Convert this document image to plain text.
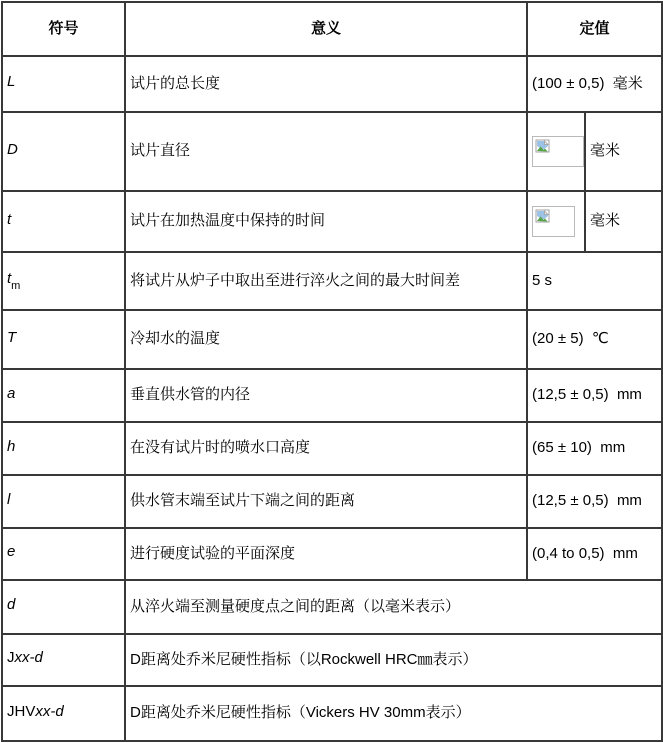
符号	意义	定值	
L	试片的总长度	(100 ± 0,5)  毫米	
D	试片直径		毫米
t	试片在加热温度中保持的时间		毫米
$t_m$	将试片从炉子中取出至进行淬火之间的最大时间差	5 s	
T	冷却水的温度	(20 ± 5)  ℃	
a	垂直供水管的内径	(12,5 ± 0,5)  mm	
h	在没有试片时的喷水口高度	(65 ± 10)  mm	
l	供水管末端至试片下端之间的距离	(12,5 ± 0,5)  mm	
e	进行硬度试验的平面深度	(0,4 to 0,5)  mm	
d	从淬火端至测量硬度点之间的距离（以毫米表示）		
Jxx-d	D距离处乔米尼硬性指标（以Rockwell HRC㎜表示）		
JHVxx-d	D距离处乔米尼硬性指标（Vickers HV 30mm表示）		
